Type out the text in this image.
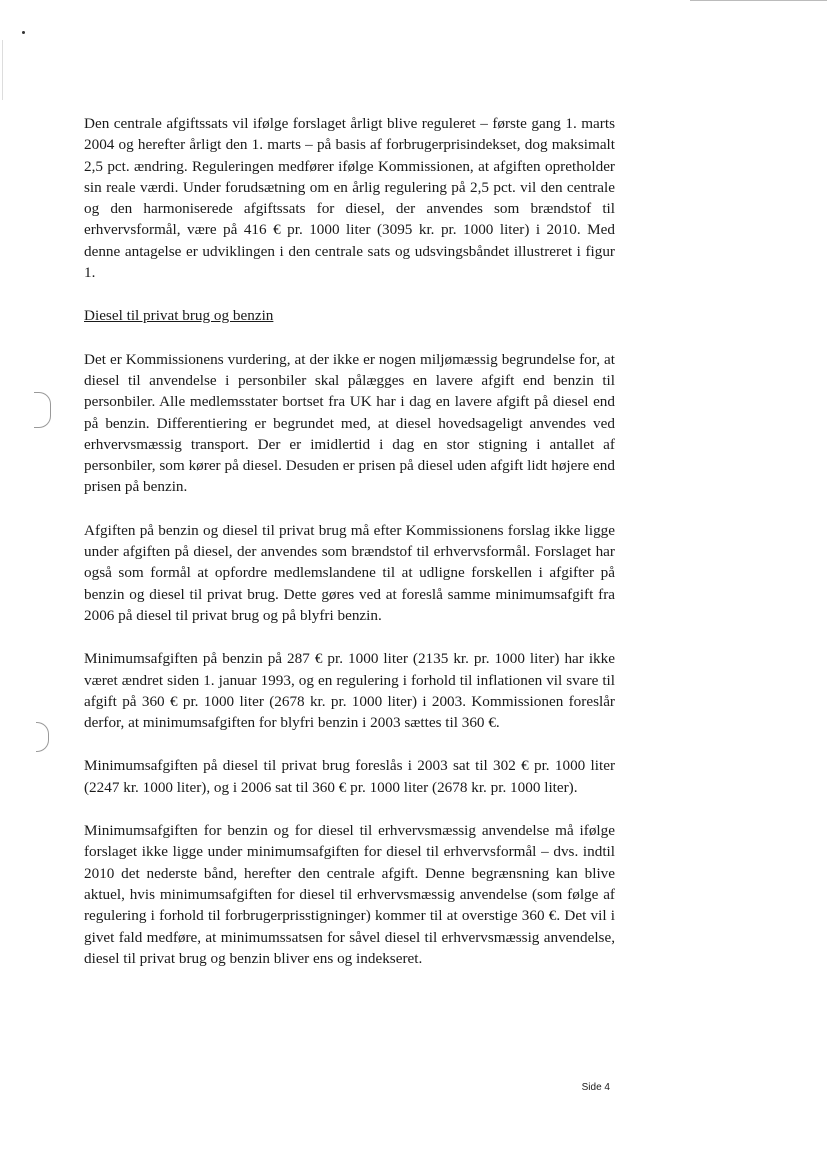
Den centrale afgiftssats vil ifølge forslaget årligt blive reguleret – første gang 1. marts 2004 og herefter årligt den 1. marts – på basis af forbrugerprisindekset, dog maksimalt 2,5 pct. ændring. Reguleringen medfører ifølge Kommissionen, at afgiften opretholder sin reale værdi. Under forudsætning om en årlig regulering på 2,5 pct. vil den centrale og den harmoniserede afgiftssats for diesel, der anvendes som brændstof til erhvervsformål, være på 416 € pr. 1000 liter (3095 kr. pr. 1000 liter) i 2010. Med denne antagelse er udviklingen i den centrale sats og udsvingsbåndet illustreret i figur 1.

Diesel til privat brug og benzin

Det er Kommissionens vurdering, at der ikke er nogen miljømæssig begrundelse for, at diesel til anvendelse i personbiler skal pålægges en lavere afgift end benzin til personbiler. Alle medlemsstater bortset fra UK har i dag en lavere afgift på diesel end på benzin. Differentiering er begrundet med, at diesel hovedsageligt anvendes ved erhvervsmæssig transport. Der er imidlertid i dag en stor stigning i antallet af personbiler, som kører på diesel. Desuden er prisen på diesel uden afgift lidt højere end prisen på benzin.

Afgiften på benzin og diesel til privat brug må efter Kommissionens forslag ikke ligge under afgiften på diesel, der anvendes som brændstof til erhvervsformål. Forslaget har også som formål at opfordre medlemslandene til at udligne forskellen i afgifter på benzin og diesel til privat brug. Dette gøres ved at foreslå samme minimumsafgift fra 2006 på diesel til privat brug og på blyfri benzin.

Minimumsafgiften på benzin på 287 € pr. 1000 liter (2135 kr. pr. 1000 liter) har ikke været ændret siden 1. januar 1993, og en regulering i forhold til inflationen vil svare til afgift på 360 € pr. 1000 liter (2678 kr. pr. 1000 liter) i 2003. Kommissionen foreslår derfor, at minimumsafgiften for blyfri benzin i 2003 sættes til 360 €.

Minimumsafgiften på diesel til privat brug foreslås i 2003 sat til 302 € pr. 1000 liter (2247 kr. 1000 liter), og i 2006 sat til 360 € pr. 1000 liter (2678 kr. pr. 1000 liter).

Minimumsafgiften for benzin og for diesel til erhvervsmæssig anvendelse må ifølge forslaget ikke ligge under minimumsafgiften for diesel til erhvervsformål – dvs. indtil 2010 det nederste bånd, herefter den centrale afgift. Denne begrænsning kan blive aktuel, hvis minimumsafgiften for diesel til erhvervsmæssig anvendelse (som følge af regulering i forhold til forbrugerprisstigninger) kommer til at overstige 360 €. Det vil i givet fald medføre, at minimumssatsen for såvel diesel til erhvervsmæssig anvendelse, diesel til privat brug og benzin bliver ens og indekseret.

Side 4
